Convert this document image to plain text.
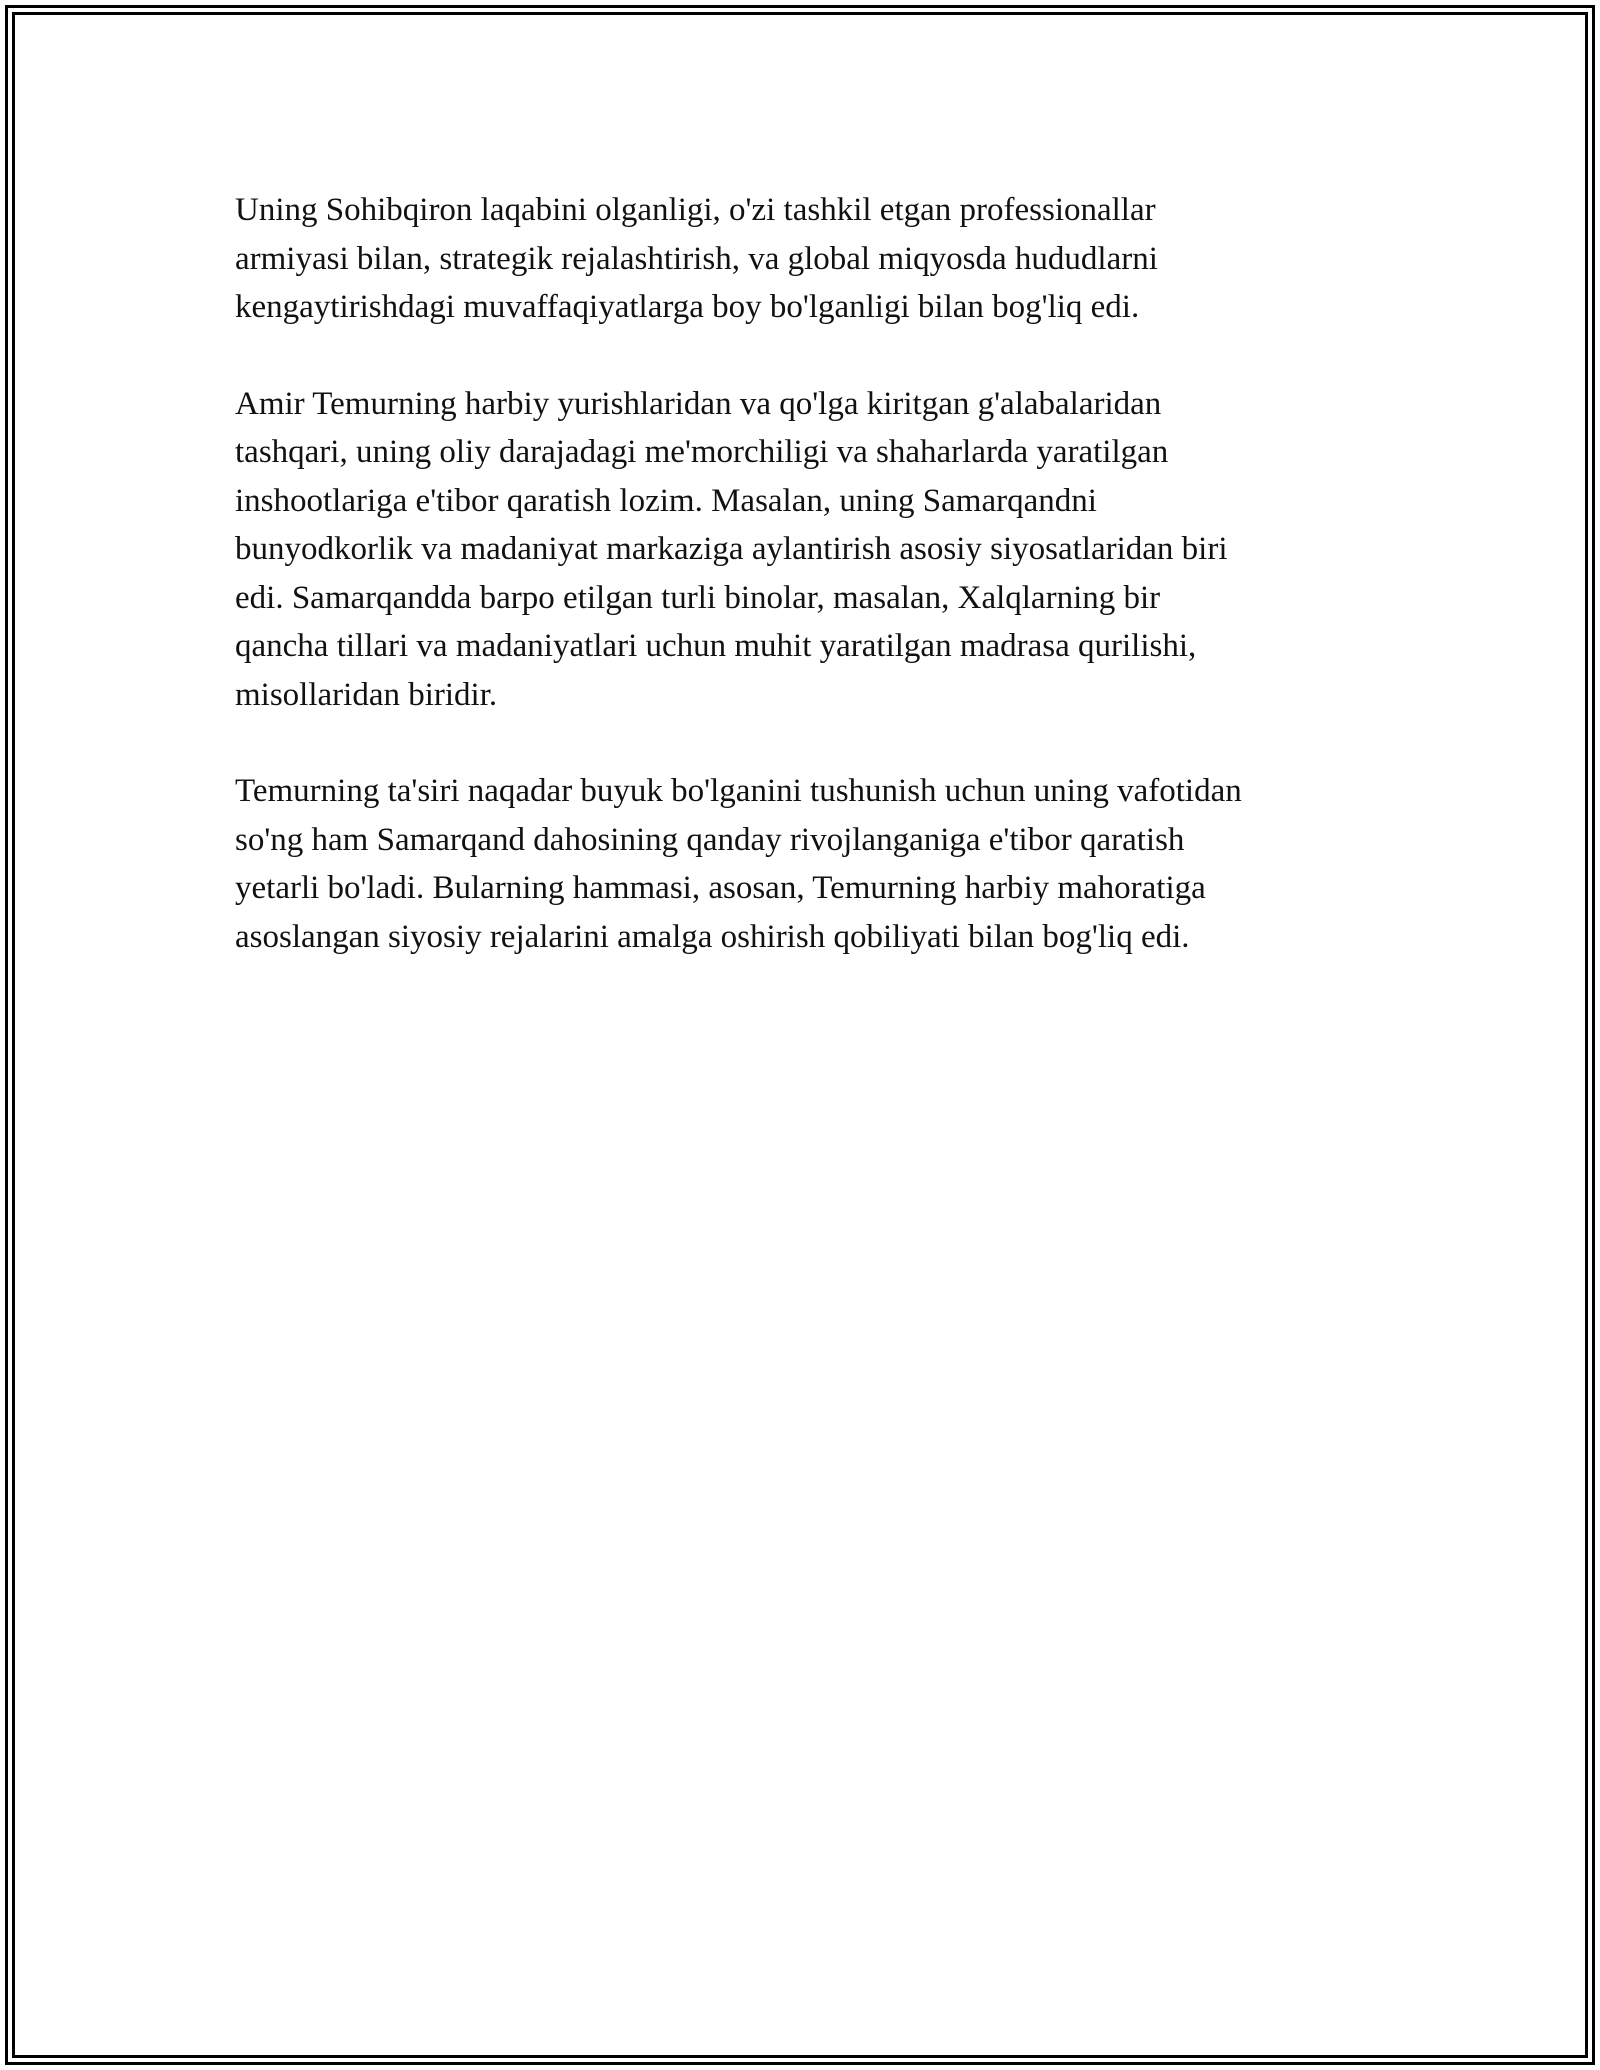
Uning Sohibqiron laqabini olganligi, o'zi tashkil etgan professionallar
armiyasi bilan, strategik rejalashtirish, va global miqyosda hududlarni
kengaytirishdagi muvaffaqiyatlarga boy bo'lganligi bilan bog'liq edi.

Amir Temurning harbiy yurishlaridan va qo'lga kiritgan g'alabalaridan
tashqari, uning oliy darajadagi me'morchiligi va shaharlarda yaratilgan
inshootlariga e'tibor qaratish lozim. Masalan, uning Samarqandni
bunyodkorlik va madaniyat markaziga aylantirish asosiy siyosatlaridan biri
edi. Samarqandda barpo etilgan turli binolar, masalan, Xalqlarning bir
qancha tillari va madaniyatlari uchun muhit yaratilgan madrasa qurilishi,
misollaridan biridir.

Temurning ta'siri naqadar buyuk bo'lganini tushunish uchun uning vafotidan
so'ng ham Samarqand dahosining qanday rivojlanganiga e'tibor qaratish
yetarli bo'ladi. Bularning hammasi, asosan, Temurning harbiy mahoratiga
asoslangan siyosiy rejalarini amalga oshirish qobiliyati bilan bog'liq edi.
